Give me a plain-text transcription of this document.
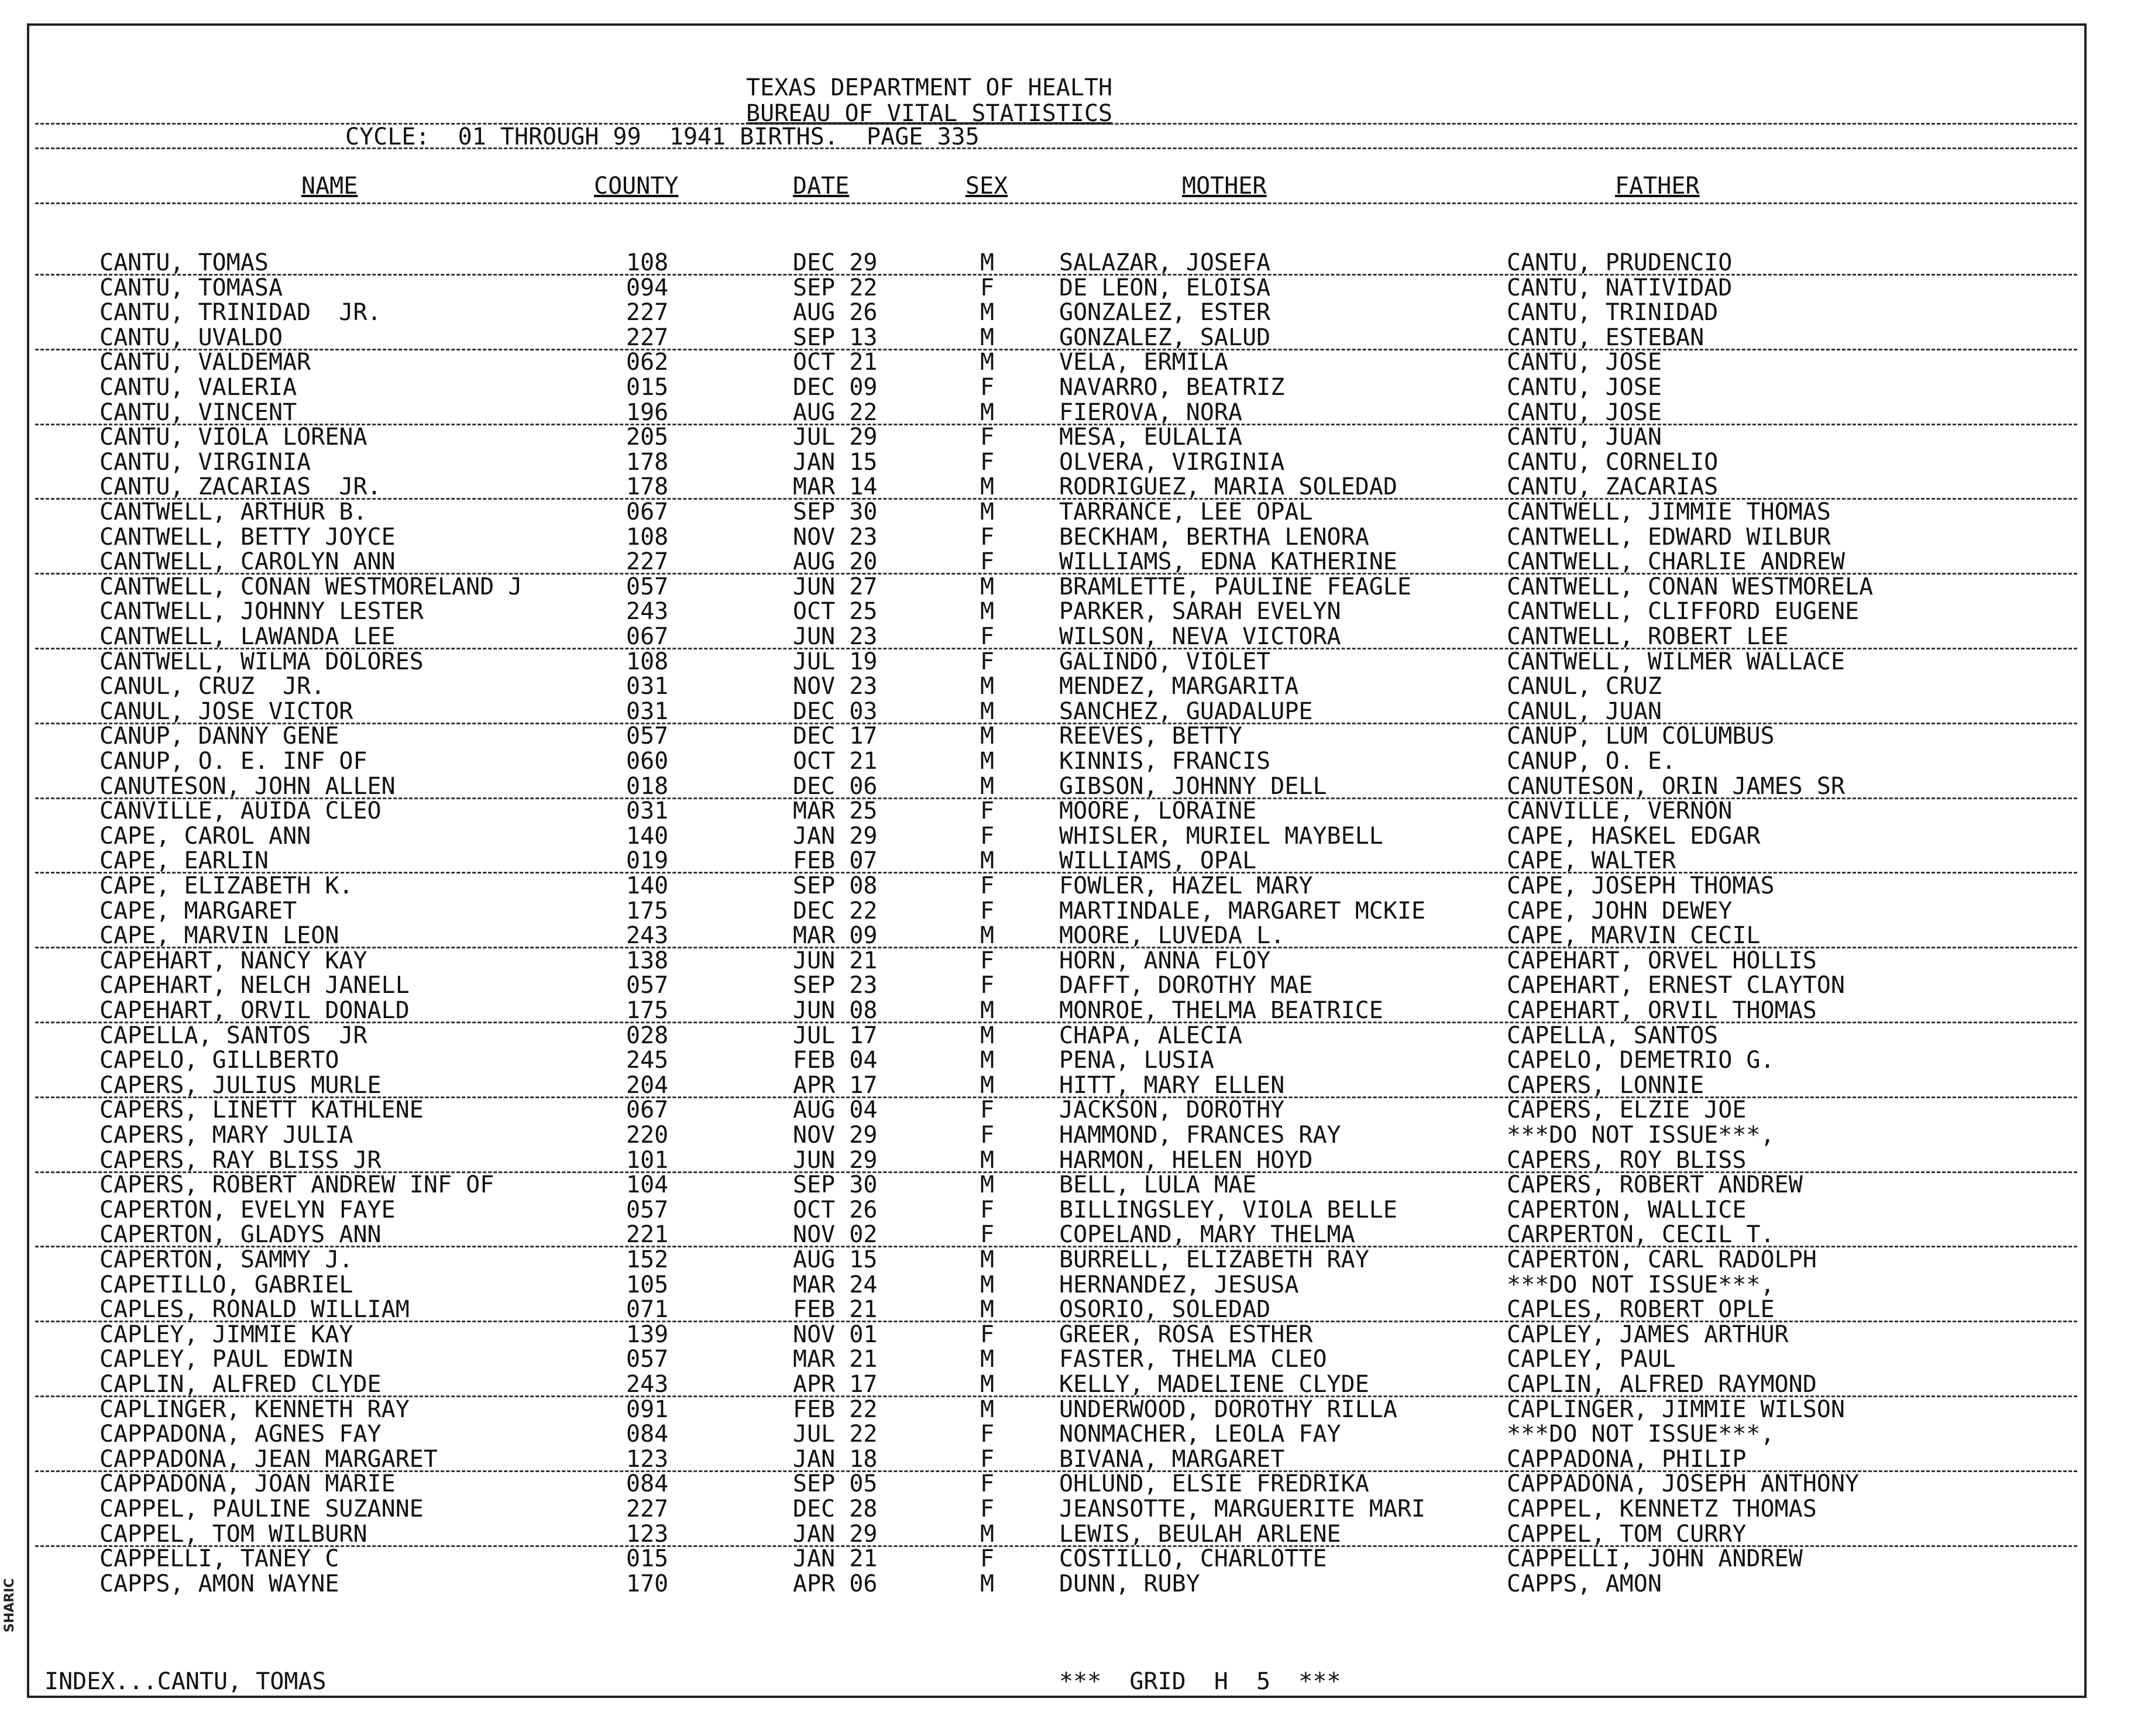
SHARIC
TEXAS DEPARTMENT OF HEALTH
BUREAU OF VITAL STATISTICS
CYCLE:  01 THROUGH 99  1941 BIRTHS.  PAGE 335
NAME	COUNTY	DATE	SEX	MOTHER	FATHER
CANTU, TOMAS	108	DEC 29	M	SALAZAR, JOSEFA	CANTU, PRUDENCIO
CANTU, TOMASA	094	SEP 22	F	DE LEON, ELOISA	CANTU, NATIVIDAD
CANTU, TRINIDAD  JR.	227	AUG 26	M	GONZALEZ, ESTER	CANTU, TRINIDAD
CANTU, UVALDO	227	SEP 13	M	GONZALEZ, SALUD	CANTU, ESTEBAN
CANTU, VALDEMAR	062	OCT 21	M	VELA, ERMILA	CANTU, JOSE
CANTU, VALERIA	015	DEC 09	F	NAVARRO, BEATRIZ	CANTU, JOSE
CANTU, VINCENT	196	AUG 22	M	FIEROVA, NORA	CANTU, JOSE
CANTU, VIOLA LORENA	205	JUL 29	F	MESA, EULALIA	CANTU, JUAN
CANTU, VIRGINIA	178	JAN 15	F	OLVERA, VIRGINIA	CANTU, CORNELIO
CANTU, ZACARIAS  JR.	178	MAR 14	M	RODRIGUEZ, MARIA SOLEDAD	CANTU, ZACARIAS
CANTWELL, ARTHUR B.	067	SEP 30	M	TARRANCE, LEE OPAL	CANTWELL, JIMMIE THOMAS
CANTWELL, BETTY JOYCE	108	NOV 23	F	BECKHAM, BERTHA LENORA	CANTWELL, EDWARD WILBUR
CANTWELL, CAROLYN ANN	227	AUG 20	F	WILLIAMS, EDNA KATHERINE	CANTWELL, CHARLIE ANDREW
CANTWELL, CONAN WESTMORELAND J	057	JUN 27	M	BRAMLETTE, PAULINE FEAGLE	CANTWELL, CONAN WESTMORELA
CANTWELL, JOHNNY LESTER	243	OCT 25	M	PARKER, SARAH EVELYN	CANTWELL, CLIFFORD EUGENE
CANTWELL, LAWANDA LEE	067	JUN 23	F	WILSON, NEVA VICTORA	CANTWELL, ROBERT LEE
CANTWELL, WILMA DOLORES	108	JUL 19	F	GALINDO, VIOLET	CANTWELL, WILMER WALLACE
CANUL, CRUZ  JR.	031	NOV 23	M	MENDEZ, MARGARITA	CANUL, CRUZ
CANUL, JOSE VICTOR	031	DEC 03	M	SANCHEZ, GUADALUPE	CANUL, JUAN
CANUP, DANNY GENE	057	DEC 17	M	REEVES, BETTY	CANUP, LUM COLUMBUS
CANUP, O. E. INF OF	060	OCT 21	M	KINNIS, FRANCIS	CANUP, O. E.
CANUTESON, JOHN ALLEN	018	DEC 06	M	GIBSON, JOHNNY DELL	CANUTESON, ORIN JAMES SR
CANVILLE, AUIDA CLEO	031	MAR 25	F	MOORE, LORAINE	CANVILLE, VERNON
CAPE, CAROL ANN	140	JAN 29	F	WHISLER, MURIEL MAYBELL	CAPE, HASKEL EDGAR
CAPE, EARLIN	019	FEB 07	M	WILLIAMS, OPAL	CAPE, WALTER
CAPE, ELIZABETH K.	140	SEP 08	F	FOWLER, HAZEL MARY	CAPE, JOSEPH THOMAS
CAPE, MARGARET	175	DEC 22	F	MARTINDALE, MARGARET MCKIE	CAPE, JOHN DEWEY
CAPE, MARVIN LEON	243	MAR 09	M	MOORE, LUVEDA L.	CAPE, MARVIN CECIL
CAPEHART, NANCY KAY	138	JUN 21	F	HORN, ANNA FLOY	CAPEHART, ORVEL HOLLIS
CAPEHART, NELCH JANELL	057	SEP 23	F	DAFFT, DOROTHY MAE	CAPEHART, ERNEST CLAYTON
CAPEHART, ORVIL DONALD	175	JUN 08	M	MONROE, THELMA BEATRICE	CAPEHART, ORVIL THOMAS
CAPELLA, SANTOS  JR	028	JUL 17	M	CHAPA, ALECIA	CAPELLA, SANTOS
CAPELO, GILLBERTO	245	FEB 04	M	PENA, LUSIA	CAPELO, DEMETRIO G.
CAPERS, JULIUS MURLE	204	APR 17	M	HITT, MARY ELLEN	CAPERS, LONNIE
CAPERS, LINETT KATHLENE	067	AUG 04	F	JACKSON, DOROTHY	CAPERS, ELZIE JOE
CAPERS, MARY JULIA	220	NOV 29	F	HAMMOND, FRANCES RAY	***DO NOT ISSUE***,
CAPERS, RAY BLISS JR	101	JUN 29	M	HARMON, HELEN HOYD	CAPERS, ROY BLISS
CAPERS, ROBERT ANDREW INF OF	104	SEP 30	M	BELL, LULA MAE	CAPERS, ROBERT ANDREW
CAPERTON, EVELYN FAYE	057	OCT 26	F	BILLINGSLEY, VIOLA BELLE	CAPERTON, WALLICE
CAPERTON, GLADYS ANN	221	NOV 02	F	COPELAND, MARY THELMA	CARPERTON, CECIL T.
CAPERTON, SAMMY J.	152	AUG 15	M	BURRELL, ELIZABETH RAY	CAPERTON, CARL RADOLPH
CAPETILLO, GABRIEL	105	MAR 24	M	HERNANDEZ, JESUSA	***DO NOT ISSUE***,
CAPLES, RONALD WILLIAM	071	FEB 21	M	OSORIO, SOLEDAD	CAPLES, ROBERT OPLE
CAPLEY, JIMMIE KAY	139	NOV 01	F	GREER, ROSA ESTHER	CAPLEY, JAMES ARTHUR
CAPLEY, PAUL EDWIN	057	MAR 21	M	FASTER, THELMA CLEO	CAPLEY, PAUL
CAPLIN, ALFRED CLYDE	243	APR 17	M	KELLY, MADELIENE CLYDE	CAPLIN, ALFRED RAYMOND
CAPLINGER, KENNETH RAY	091	FEB 22	M	UNDERWOOD, DOROTHY RILLA	CAPLINGER, JIMMIE WILSON
CAPPADONA, AGNES FAY	084	JUL 22	F	NONMACHER, LEOLA FAY	***DO NOT ISSUE***,
CAPPADONA, JEAN MARGARET	123	JAN 18	F	BIVANA, MARGARET	CAPPADONA, PHILIP
CAPPADONA, JOAN MARIE	084	SEP 05	F	OHLUND, ELSIE FREDRIKA	CAPPADONA, JOSEPH ANTHONY
CAPPEL, PAULINE SUZANNE	227	DEC 28	F	JEANSOTTE, MARGUERITE MARI	CAPPEL, KENNETZ THOMAS
CAPPEL, TOM WILBURN	123	JAN 29	M	LEWIS, BEULAH ARLENE	CAPPEL, TOM CURRY
CAPPELLI, TANEY C	015	JAN 21	F	COSTILLO, CHARLOTTE	CAPPELLI, JOHN ANDREW
CAPPS, AMON WAYNE	170	APR 06	M	DUNN, RUBY	CAPPS, AMON
INDEX...CANTU, TOMAS	***  GRID  H  5  ***
